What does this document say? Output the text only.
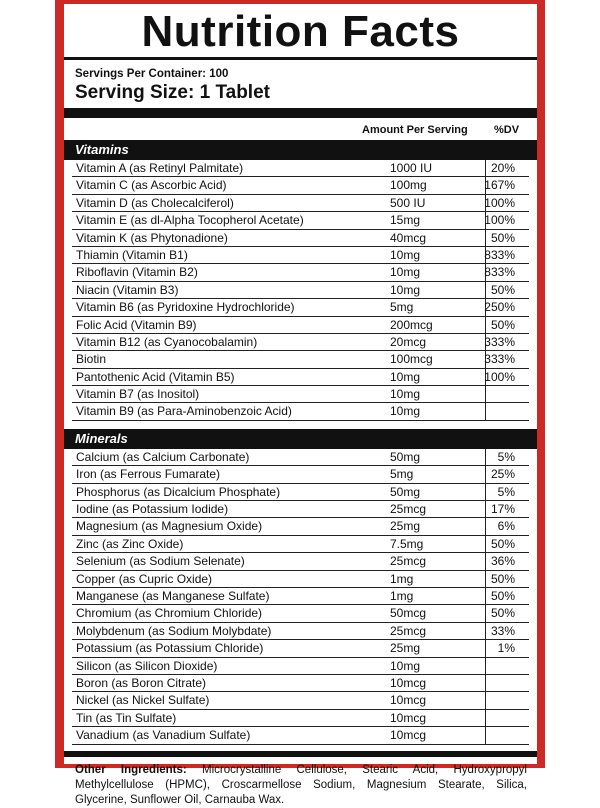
Nutrition Facts
Servings Per Container: 100
Serving Size: 1 Tablet
Amount Per Serving %DV
Vitamins
Vitamin A (as Retinyl Palmitate)	1000 IU	20%
Vitamin C (as Ascorbic Acid)	100mg	167%
Vitamin D (as Cholecalciferol)	500 IU	100%
Vitamin E (as dl-Alpha Tocopherol Acetate)	15mg	100%
Vitamin K (as Phytonadione)	40mcg	50%
Thiamin (Vitamin B1)	10mg	833%
Riboflavin (Vitamin B2)	10mg	833%
Niacin (Vitamin B3)	10mg	50%
Vitamin B6 (as Pyridoxine Hydrochloride)	5mg	250%
Folic Acid (Vitamin B9)	200mcg	50%
Vitamin B12 (as Cyanocobalamin)	20mcg	333%
Biotin	100mcg	333%
Pantothenic Acid (Vitamin B5)	10mg	100%
Vitamin B7 (as Inositol)	10mg
Vitamin B9 (as Para-Aminobenzoic Acid)	10mg
Minerals
Calcium (as Calcium Carbonate)	50mg	5%
Iron (as Ferrous Fumarate)	5mg	25%
Phosphorus (as Dicalcium Phosphate)	50mg	5%
Iodine (as Potassium Iodide)	25mcg	17%
Magnesium (as Magnesium Oxide)	25mg	6%
Zinc (as Zinc Oxide)	7.5mg	50%
Selenium (as Sodium Selenate)	25mcg	36%
Copper (as Cupric Oxide)	1mg	50%
Manganese (as Manganese Sulfate)	1mg	50%
Chromium (as Chromium Chloride)	50mcg	50%
Molybdenum (as Sodium Molybdate)	25mcg	33%
Potassium (as Potassium Chloride)	25mg	1%
Silicon (as Silicon Dioxide)	10mg
Boron (as Boron Citrate)	10mcg
Nickel (as Nickel Sulfate)	10mcg
Tin (as Tin Sulfate)	10mcg
Vanadium (as Vanadium Sulfate)	10mcg
Other Ingredients: Microcrystalline Cellulose, Stearic Acid, Hydroxypropyl Methylcellulose (HPMC), Croscarmellose Sodium, Magnesium Stearate, Silica, Glycerine, Sunflower Oil, Carnauba Wax.
